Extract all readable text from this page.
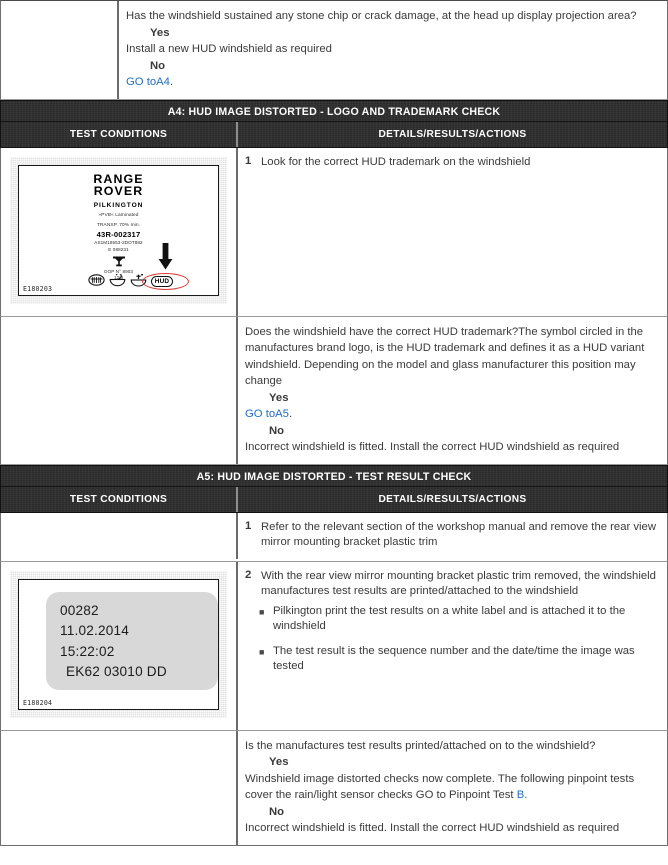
Has the windshield sustained any stone chip or crack damage, at the head up display projection area?

Yes

Install a new HUD windshield as required

No

GO toA4.

A4: HUD IMAGE DISTORTED - LOGO AND TRADEMARK CHECK
TEST CONDITIONS	DETAILS/RESULTS/ACTIONS
RANGE
ROVER
PILKINGTON
»PVB« Laminated
TRANSP. 70% min.
43R-002317
AS1M18553-2DOT882
E 088231
OOP N° 8903
12/3
HUD
E180203
1 Look for the correct HUD trademark on the windshield

Does the windshield have the correct HUD trademark?The symbol circled in the manufactures brand logo, is the HUD trademark and defines it as a HUD variant windshield. Depending on the model and glass manufacturer this position may change

Yes

GO toA5.

No

Incorrect windshield is fitted. Install the correct HUD windshield as required

A5: HUD IMAGE DISTORTED - TEST RESULT CHECK
TEST CONDITIONS	DETAILS/RESULTS/ACTIONS
1 Refer to the relevant section of the workshop manual and remove the rear view mirror mounting bracket plastic trim
00282
11.02.2014
15:22:02
EK62 03010 DD
E180204
2 With the rear view mirror mounting bracket plastic trim removed, the windshield manufactures test results are printed/attached to the windshield
■ Pilkington print the test results on a white label and is attached it to the windshield
■ The test result is the sequence number and the date/time the image was tested

Is the manufactures test results printed/attached on to the windshield?

Yes

Windshield image distorted checks now complete. The following pinpoint tests cover the rain/light sensor checks GO to Pinpoint Test B.

No

Incorrect windshield is fitted. Install the correct HUD windshield as required
